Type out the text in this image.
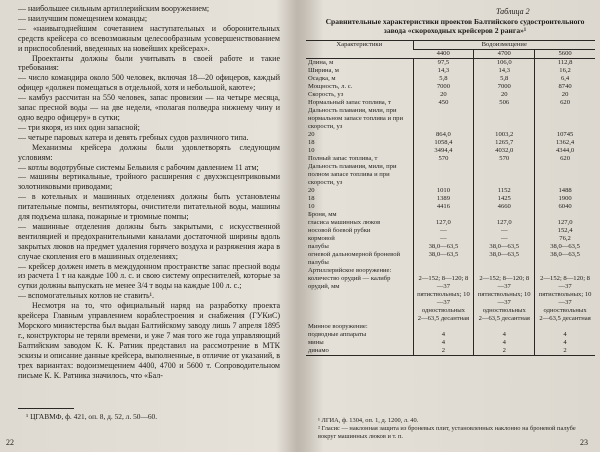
— наибольшее сильным артиллерийским вооружением;

— наилучшим помещением команды;

— «наивыгоднейшим сочетанием наступательных и оборонительных средств крейсера со всевозможным целесообразным усовершенствованием и приспособлений, введенных на новейших крейсерах».

Проектанты должны были учитывать в своей работе и такие требования:

— число командира около 500 человек, включая 18—20 офицеров, каждый офицер «должен помещаться в отдельной, хотя и небольшой, каюте»;

— камбуз рассчитан на 550 человек, запас провизии — на четыре месяца, запас пресной воды — на две недели, «полагая полведра нижнему чину и одно ведро офицеру» в сутки;

— три якоря, из них один запасной;

— четыре паровых катера и девять гребных судов различного типа.

Механизмы крейсера должны были удовлетворять следующим условиям:

— котлы водотрубные системы Бельвиля с рабочим давлением 11 атм;

— машины вертикальные, тройного расширения с двухэксцентриковыми золотниковыми приводами;

— в котельных и машинных отделениях должны быть установлены питательные помпы, вентиляторы, очистители питательной воды, машины для подъема шлака, пожарные и трюмные помпы;

— машинные отделения должны быть закрытыми, с искусственной вентиляцией и предохранительными каналами достаточной ширины вдоль закрытых люков на предмет удаления горячего воздуха и разряжения жара в случае скопления его в машинных отделениях;

— крейсер должен иметь в междудонном пространстве запас пресной воды из расчета 1 т на каждые 100 л. с. и свою систему опреснителей, которые за сутки должны выпускать не менее 3/4 т воды на каждые 100 л. с.;

— вспомогательных котлов не ставить¹.

Несмотря на то, что официальный наряд на разработку проекта крейсера Главным управлением кораблестроения и снабжения (ГУКиС) Морского министерства был выдан Балтийскому заводу лишь 7 апреля 1895 г., конструкторы не теряли времени, и уже 7 мая того же года управляющий Балтийским заводом К. К. Ратник представил на рассмотрение в МТК эскизы и описание данные крейсера, выполненные, в отличие от указаний, в трех вариантах: водоизмещением 4400, 4700 и 5600 т. Сопроводительном письме К. К. Ратника значилось, что «Бал-

¹ ЦГАВМФ, ф. 421, оп. 8, д. 52, л. 50—60.
22
Таблица 2
Сравнительные характеристики проектов Балтийского судостроительного завода «скороходных крейсеров 2 ранга»¹
Характеристики	Водоизмещение		
	4400	4700	5600
Длина, м	97,5	106,0	112,8
Ширина, м	14,3	14,3	16,2
Осадка, м	5,8	5,8	6,4
Мощность, л. с.	7000	7000	8740
Скорость, уз	20	20	20
Нормальный запас топлива, т	450	506	620
Дальность плавания, мили, при нормальном запасе топлива и при скорости, уз			
20	864,0	1003,2	10745
18	1058,4	1265,7	1362,4
10	3494,4	4032,0	4344,0
Полный запас топлива, т	570	570	620
Дальность плавания, мили, при полном запасе топлива и при скорости, уз			
20	1010	1152	1488
18	1389	1425	1900
10	4416	4660	6040
Броня, мм			
гласиса машинных люков	127,0	127,0	127,0
носовой боевой рубки	—	—	152,4
кормовой	—	—	76,2
палубы	38,0—63,5	38,0—63,5	38,0—63,5
огневой дальномерной броневой палубы	38,0—63,5	38,0—63,5	38,0—63,5
Артиллерийское вооружение:			
количество орудий — калибр орудий, мм	2—152; 8—120; 8—37 пятиствольных; 10—37 одноствольных	2—152; 8—120; 8—37 пятиствольных; 10—37 одноствольных	2—152; 8—120; 8—37 пятиствольных; 10—37 одноствольных
	2—63,5 десантная	2—63,5 десантная	2—63,5 десантная
Минное вооружение:			
подводные аппараты	4	4	4
мины	4	4	4
динамо	2	2	2

¹ ЛГИА, ф. 1304, оп. 1, д. 1200, л. 40.

² Гласис — наклонная защита из броневых плит, установленных наклонно на броневой палубе вокруг машинных люков и т. п.

23
